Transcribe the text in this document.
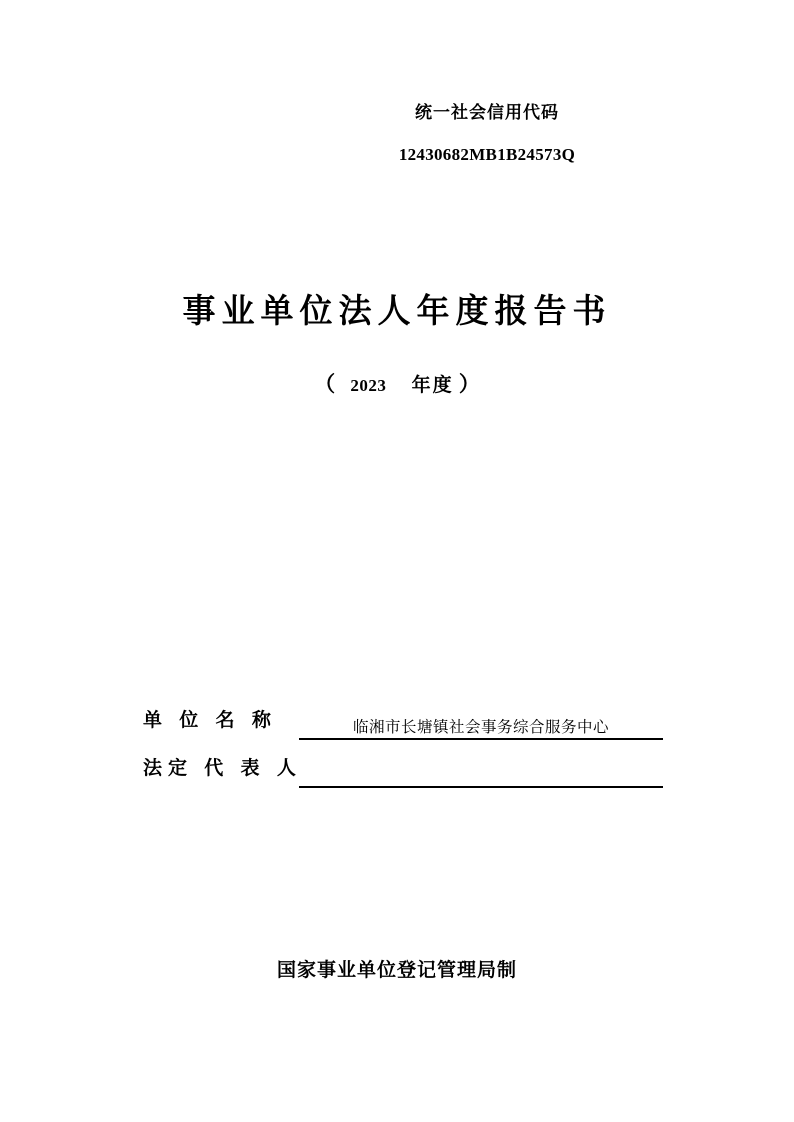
统一社会信用代码
12430682MB1B24573Q
事业单位法人年度报告书
（ 2023 年度 ）
单 位 名 称	临湘市长塘镇社会事务综合服务中心
法定 代 表 人
国家事业单位登记管理局制
